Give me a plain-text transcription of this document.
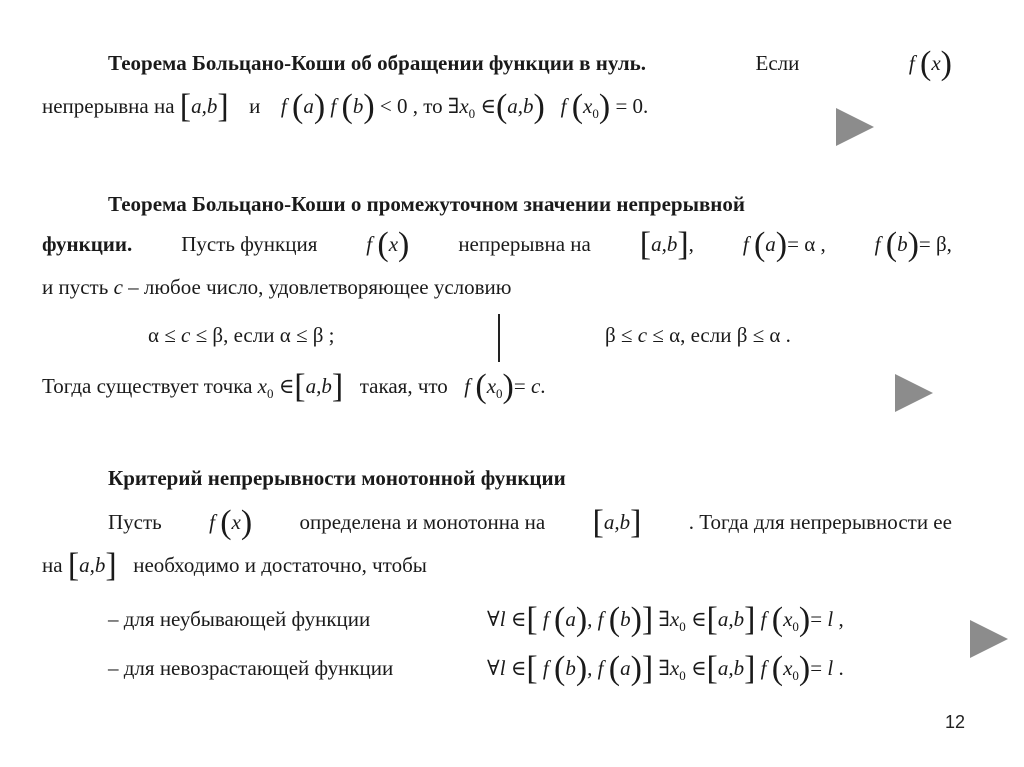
Теорема Больцано-Коши об обращении функции в нуль.	Если	f (x)
непрерывна на [a,b] и f (a) f (b) < 0 , то $\exists x_0$ ∈(a,b)   f $(x_0) = 0$.
Теорема Больцано-Коши о промежуточном значении непрерывной
функции. Пусть функция f (x) непрерывна на [a,b], f (a)= α , f (b)= β,
и пусть c – любое число, удовлетворяющее условию
α ≤ c ≤ β, если α ≤ β ;	β ≤ c ≤ α, если β ≤ α .
Тогда существует точка $x_0$ ∈[a,b] такая, что f $(x_0)= c$.
Критерий непрерывности монотонной функции
Пусть f (x) определена и монотонна на [a,b] . Тогда для непрерывности ее
на [a,b] необходимо и достаточно, чтобы
– для неубывающей функции	∀l ∈[ f (a), f (b)] $\exists x_0$ ∈[a,b] f $(x_0)= l$ ,
– для невозрастающей функции	∀l ∈[ f (b), f (a)] $\exists x_0$ ∈[a,b] f $(x_0)= l$ .
12
